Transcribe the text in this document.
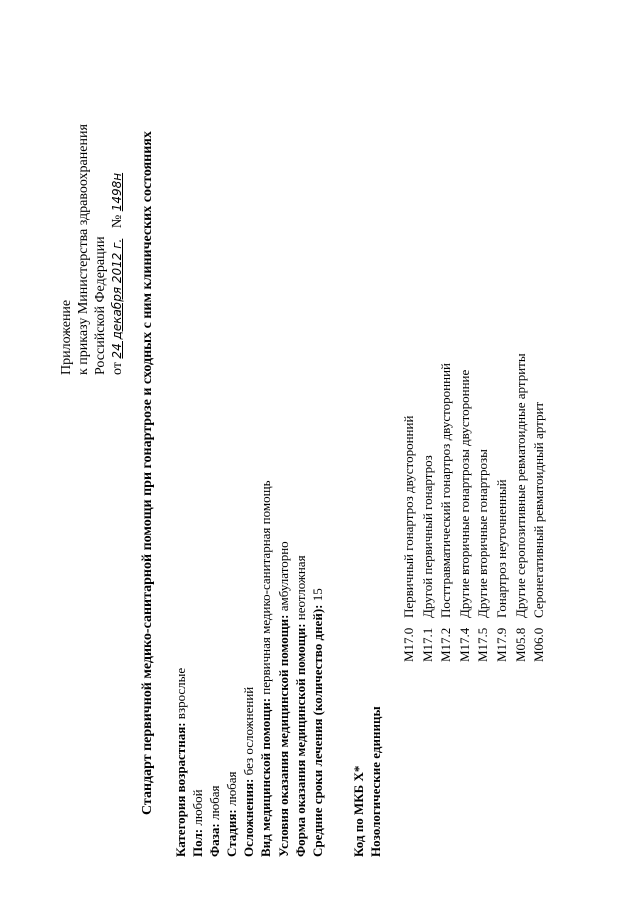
Приложение к приказу Министерства здравоохранения Российской Федерации от 24 декабря 2012 г.   № 1498н Стандарт первичной медико-санитарной помощи при гонартрозе и сходных с ним клинических состояниях Категория возрастная: взрослые
Пол: любой
Фаза: любая
Стадия: любая Осложнения: без осложнений Вид медицинской помощи: первичная медико-санитарная помощь
Условия оказания медицинской помощи: амбулаторно
Форма оказания медицинской помощи: неотложная
Средние сроки лечения (количество дней): 15
Код по МКБ X* Нозологические единицы
M17.0
Первичный гонартроз двусторонний
M17.1
Другой первичный гонартроз
M17.2
Посттравматический гонартроз двусторонний
M17.4
Другие вторичные гонартрозы двусторонние
M17.5
Другие вторичные гонартрозы
M17.9
Гонартроз неуточненный
M05.8
Другие серопозитивные ревматоидные артриты
M06.0
Серонегативный ревматоидный артрит
